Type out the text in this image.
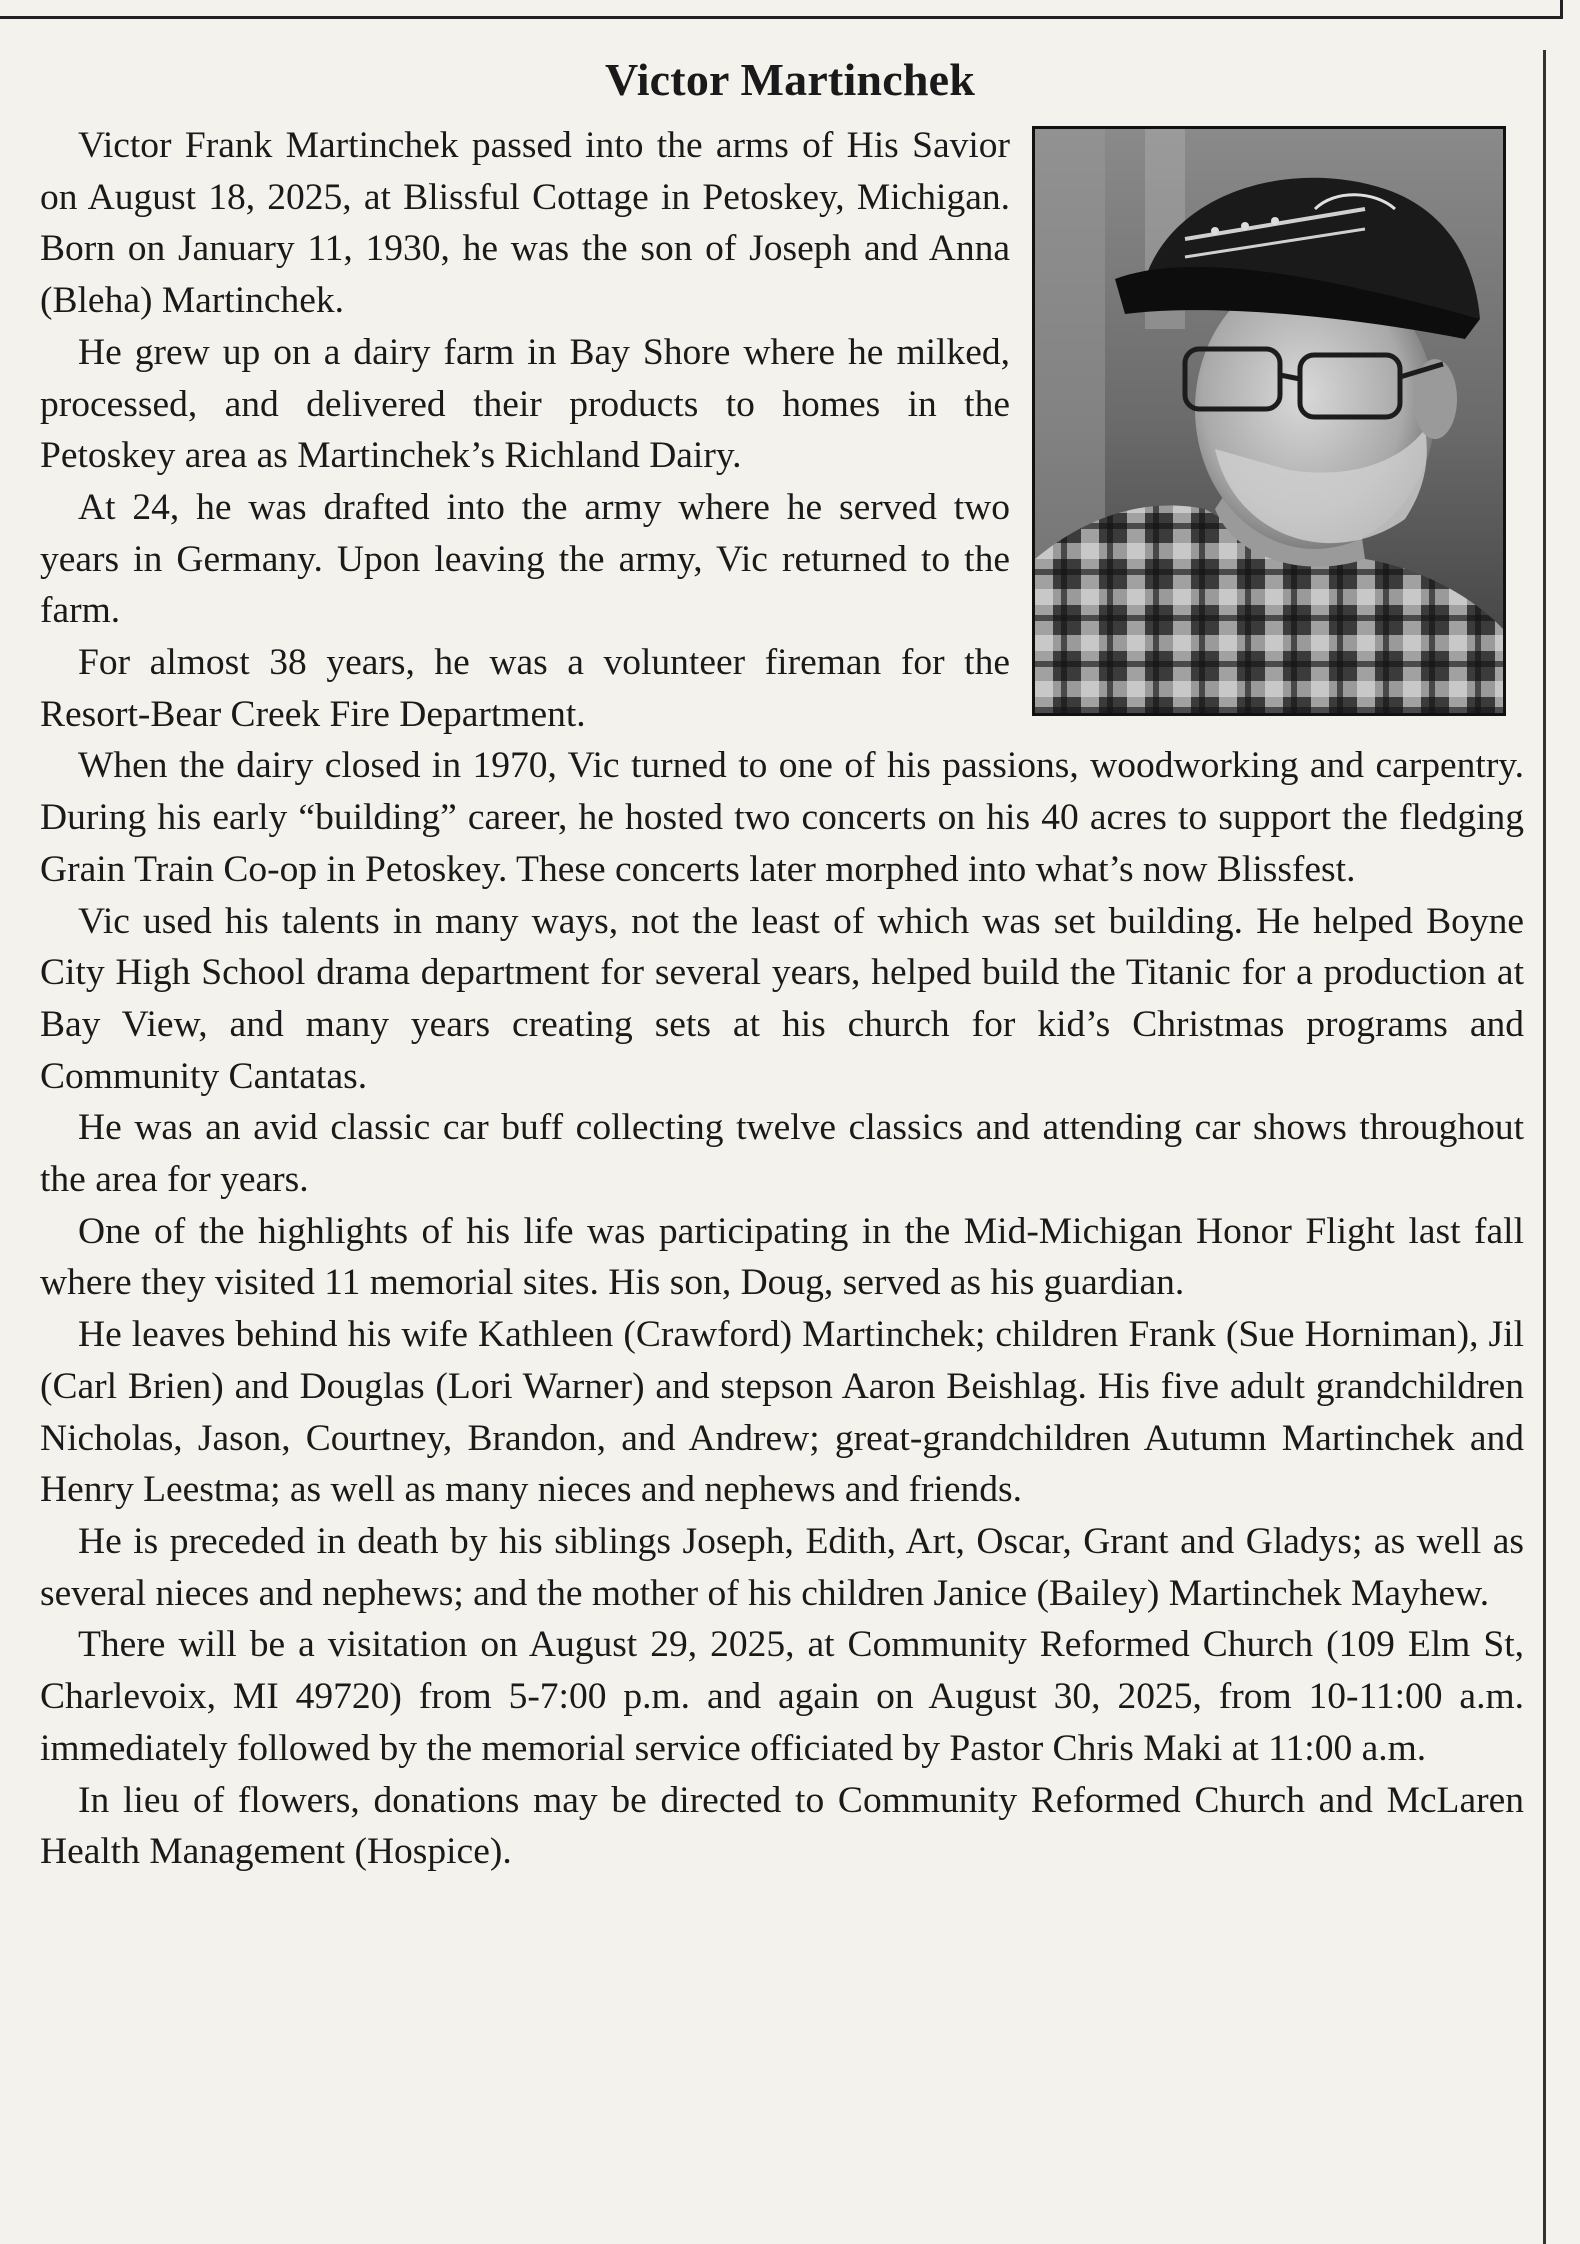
Victor Martinchek

Victor Frank Martinchek passed into the arms of His Savior on August 18, 2025, at Blissful Cottage in Petoskey, Michigan. Born on January 11, 1930, he was the son of Joseph and Anna (Bleha) Martinchek.

He grew up on a dairy farm in Bay Shore where he milked, processed, and delivered their products to homes in the Petoskey area as Martinchek’s Richland Dairy.

At 24, he was drafted into the army where he served two years in Germany. Upon leaving the army, Vic returned to the farm.

For almost 38 years, he was a volunteer fireman for the Resort-Bear Creek Fire Department.

When the dairy closed in 1970, Vic turned to one of his passions, woodworking and carpentry. During his early “building” career, he hosted two concerts on his 40 acres to support the fledging Grain Train Co-op in Petoskey. These concerts later morphed into what’s now Blissfest.

Vic used his talents in many ways, not the least of which was set building. He helped Boyne City High School drama department for several years, helped build the Titanic for a production at Bay View, and many years creating sets at his church for kid’s Christmas programs and Community Cantatas.

He was an avid classic car buff collecting twelve classics and attending car shows throughout the area for years.

One of the highlights of his life was participating in the Mid-Michigan Honor Flight last fall where they visited 11 memorial sites. His son, Doug, served as his guardian.

He leaves behind his wife Kathleen (Crawford) Martinchek; children Frank (Sue Horniman), Jil (Carl Brien) and Douglas (Lori Warner) and stepson Aaron Beishlag. His five adult grandchildren Nicholas, Jason, Courtney, Brandon, and Andrew; great-grandchildren Autumn Martinchek and Henry Leestma; as well as many nieces and nephews and friends.

He is preceded in death by his siblings Joseph, Edith, Art, Oscar, Grant and Gladys; as well as several nieces and nephews; and the mother of his children Janice (Bailey) Martinchek Mayhew.

There will be a visitation on August 29, 2025, at Community Reformed Church (109 Elm St, Charlevoix, MI 49720) from 5-7:00 p.m. and again on August 30, 2025, from 10-11:00 a.m. immediately followed by the memorial service officiated by Pastor Chris Maki at 11:00 a.m.

In lieu of flowers, donations may be directed to Community Reformed Church and McLaren Health Management (Hospice).
